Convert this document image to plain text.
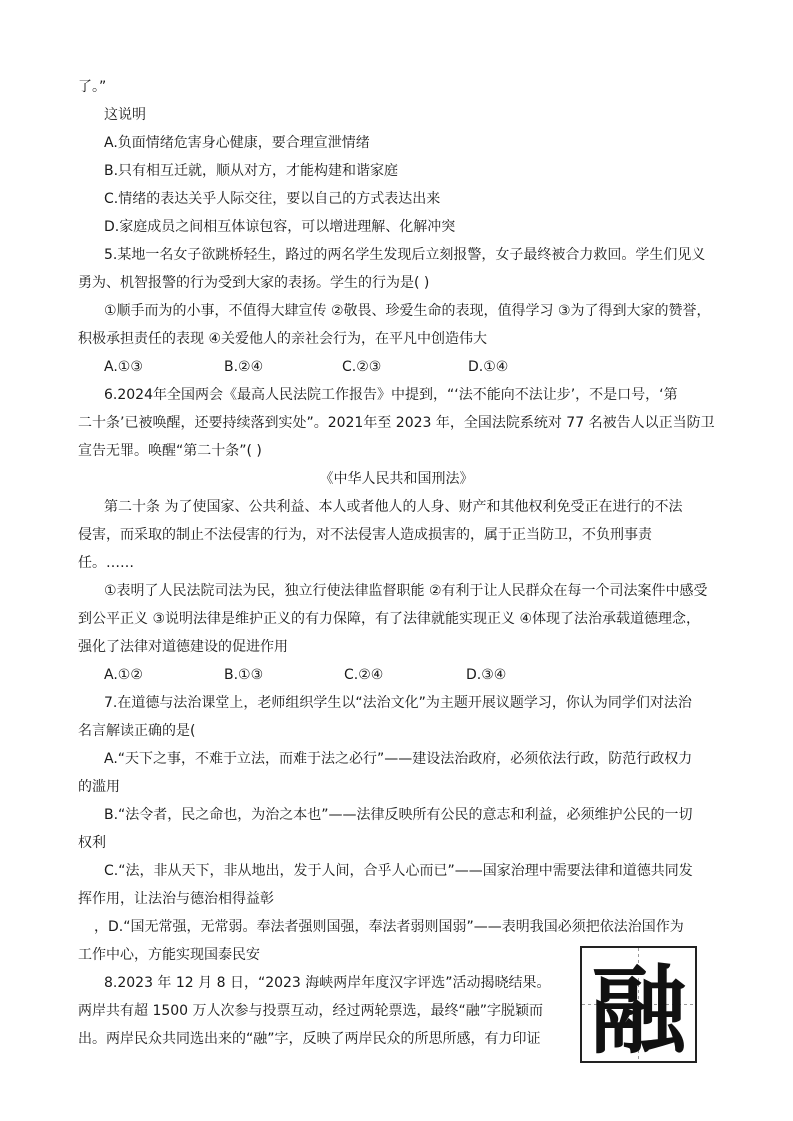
了。”
这说明
A.负面情绪危害身心健康，要合理宣泄情绪
B.只有相互迁就，顺从对方，才能构建和谐家庭
C.情绪的表达关乎人际交往，要以自己的方式表达出来
D.家庭成员之间相互体谅包容，可以增进理解、化解冲突
5.某地一名女子欲跳桥轻生，路过的两名学生发现后立刻报警，女子最终被合力救回。学生们见义
勇为、机智报警的行为受到大家的表扬。学生的行为是( )
①顺手而为的小事，不值得大肆宣传 ②敬畏、珍爱生命的表现，值得学习 ③为了得到大家的赞誉，
积极承担责任的表现 ④关爱他人的亲社会行为，在平凡中创造伟大
A.①③	B.②④	C.②③	D.①④
6.2024年全国两会《最高人民法院工作报告》中提到，“‘法不能向不法让步’，不是口号，‘第
二十条’已被唤醒，还要持续落到实处”。2021年至 2023 年，全国法院系统对 77 名被告人以正当防卫
宣告无罪。唤醒“第二十条”( )
《中华人民共和国刑法》
第二十条 为了使国家、公共利益、本人或者他人的人身、财产和其他权利免受正在进行的不法
侵害，而采取的制止不法侵害的行为，对不法侵害人造成损害的，属于正当防卫，不负刑事责
任。……
①表明了人民法院司法为民，独立行使法律监督职能 ②有利于让人民群众在每一个司法案件中感受
到公平正义 ③说明法律是维护正义的有力保障，有了法律就能实现正义 ④体现了法治承载道德理念，
强化了法律对道德建设的促进作用
A.①②	B.①③	C.②④	D.③④
7.在道德与法治课堂上，老师组织学生以“法治文化”为主题开展议题学习，你认为同学们对法治
名言解读正确的是(
A.“天下之事，不难于立法，而难于法之必行”——建设法治政府，必须依法行政，防范行政权力
的滥用
B.“法令者，民之命也，为治之本也”——法律反映所有公民的意志和利益，必须维护公民的一切
权利
C.“法，非从天下，非从地出，发于人间，合乎人心而已”——国家治理中需要法律和道德共同发
挥作用，让法治与德治相得益彰
，D.“国无常强，无常弱。奉法者强则国强，奉法者弱则国弱”——表明我国必须把依法治国作为
工作中心，方能实现国泰民安
8.2023 年 12 月 8 日，“2023 海峡两岸年度汉字评选”活动揭晓结果。
两岸共有超 1500 万人次参与投票互动，经过两轮票选，最终“融”字脱颖而
出。两岸民众共同选出来的“融”字，反映了两岸民众的所思所感，有力印证 融
